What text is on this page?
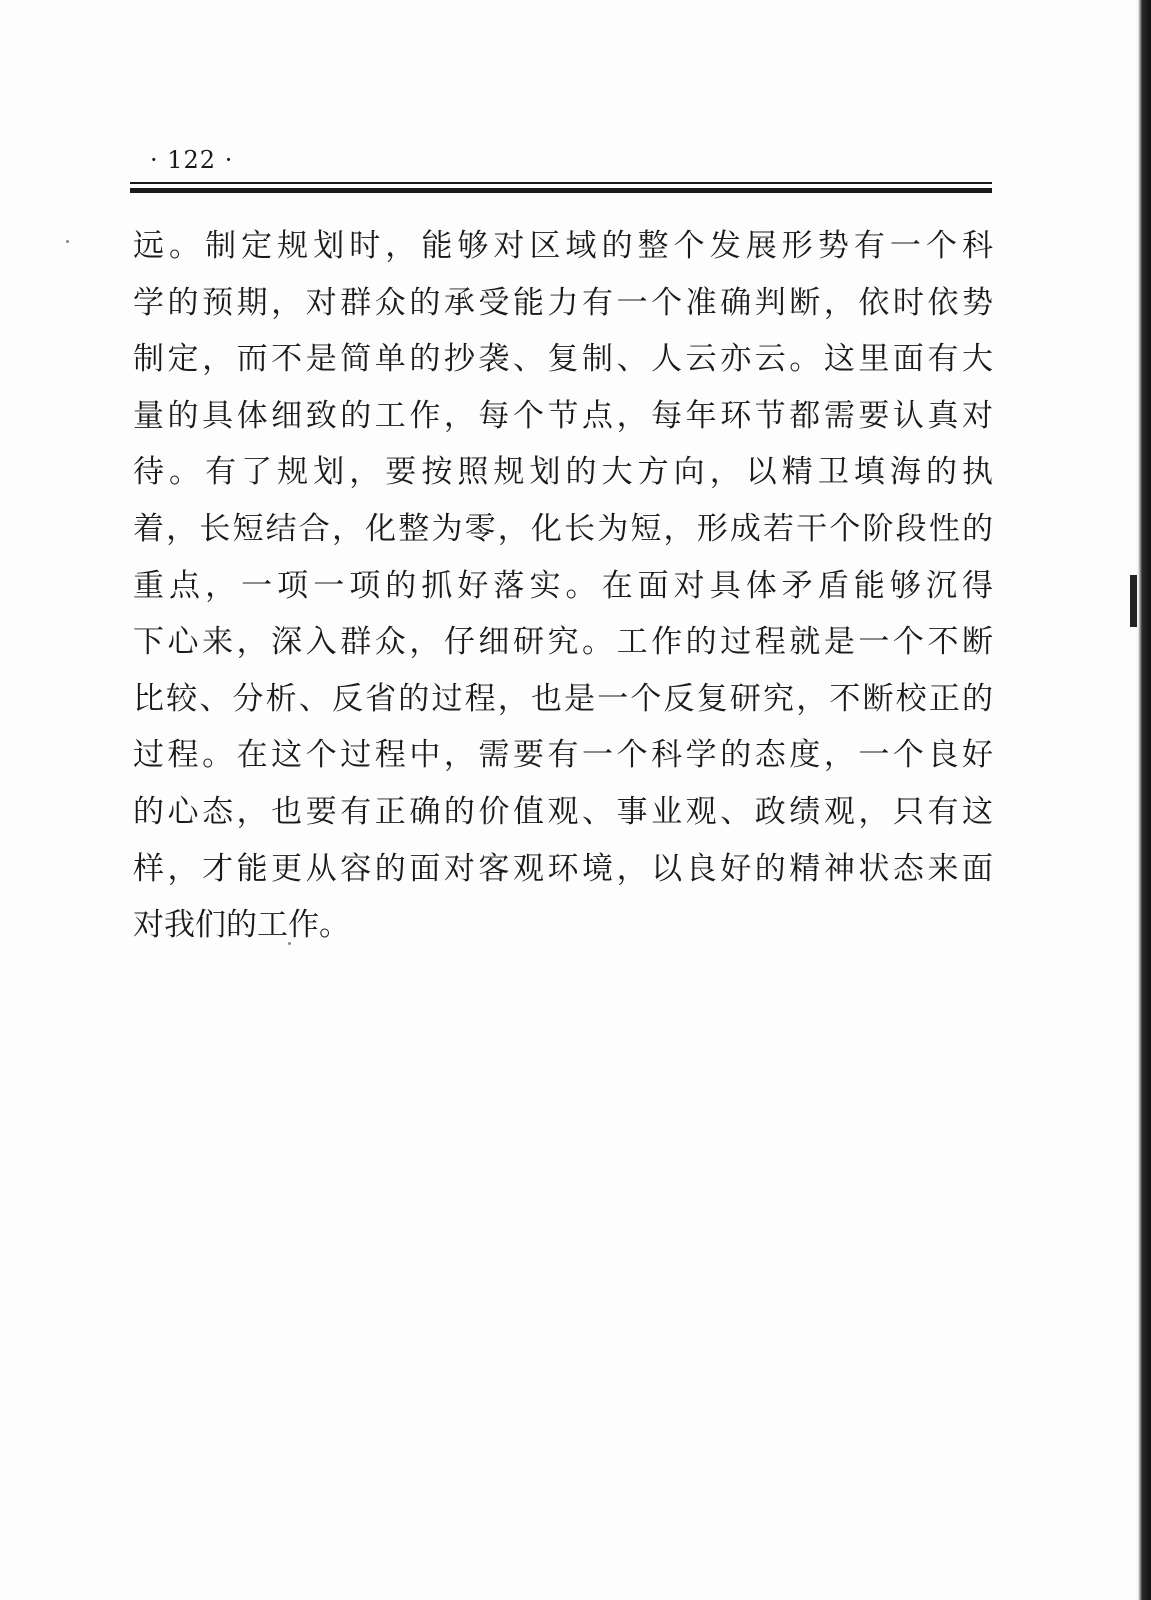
· 122 ·
远。制定规划时，能够对区域的整个发展形势有一个科
学的预期，对群众的承受能力有一个准确判断，依时依势
制定，而不是简单的抄袭、复制、人云亦云。这里面有大
量的具体细致的工作，每个节点，每年环节都需要认真对
待。有了规划，要按照规划的大方向，以精卫填海的执
着，长短结合，化整为零，化长为短，形成若干个阶段性的
重点，一项一项的抓好落实。在面对具体矛盾能够沉得
下心来，深入群众，仔细研究。工作的过程就是一个不断
比较、分析、反省的过程，也是一个反复研究，不断校正的
过程。在这个过程中，需要有一个科学的态度，一个良好
的心态，也要有正确的价值观、事业观、政绩观，只有这
样，才能更从容的面对客观环境，以良好的精神状态来面
对我们的工作。
